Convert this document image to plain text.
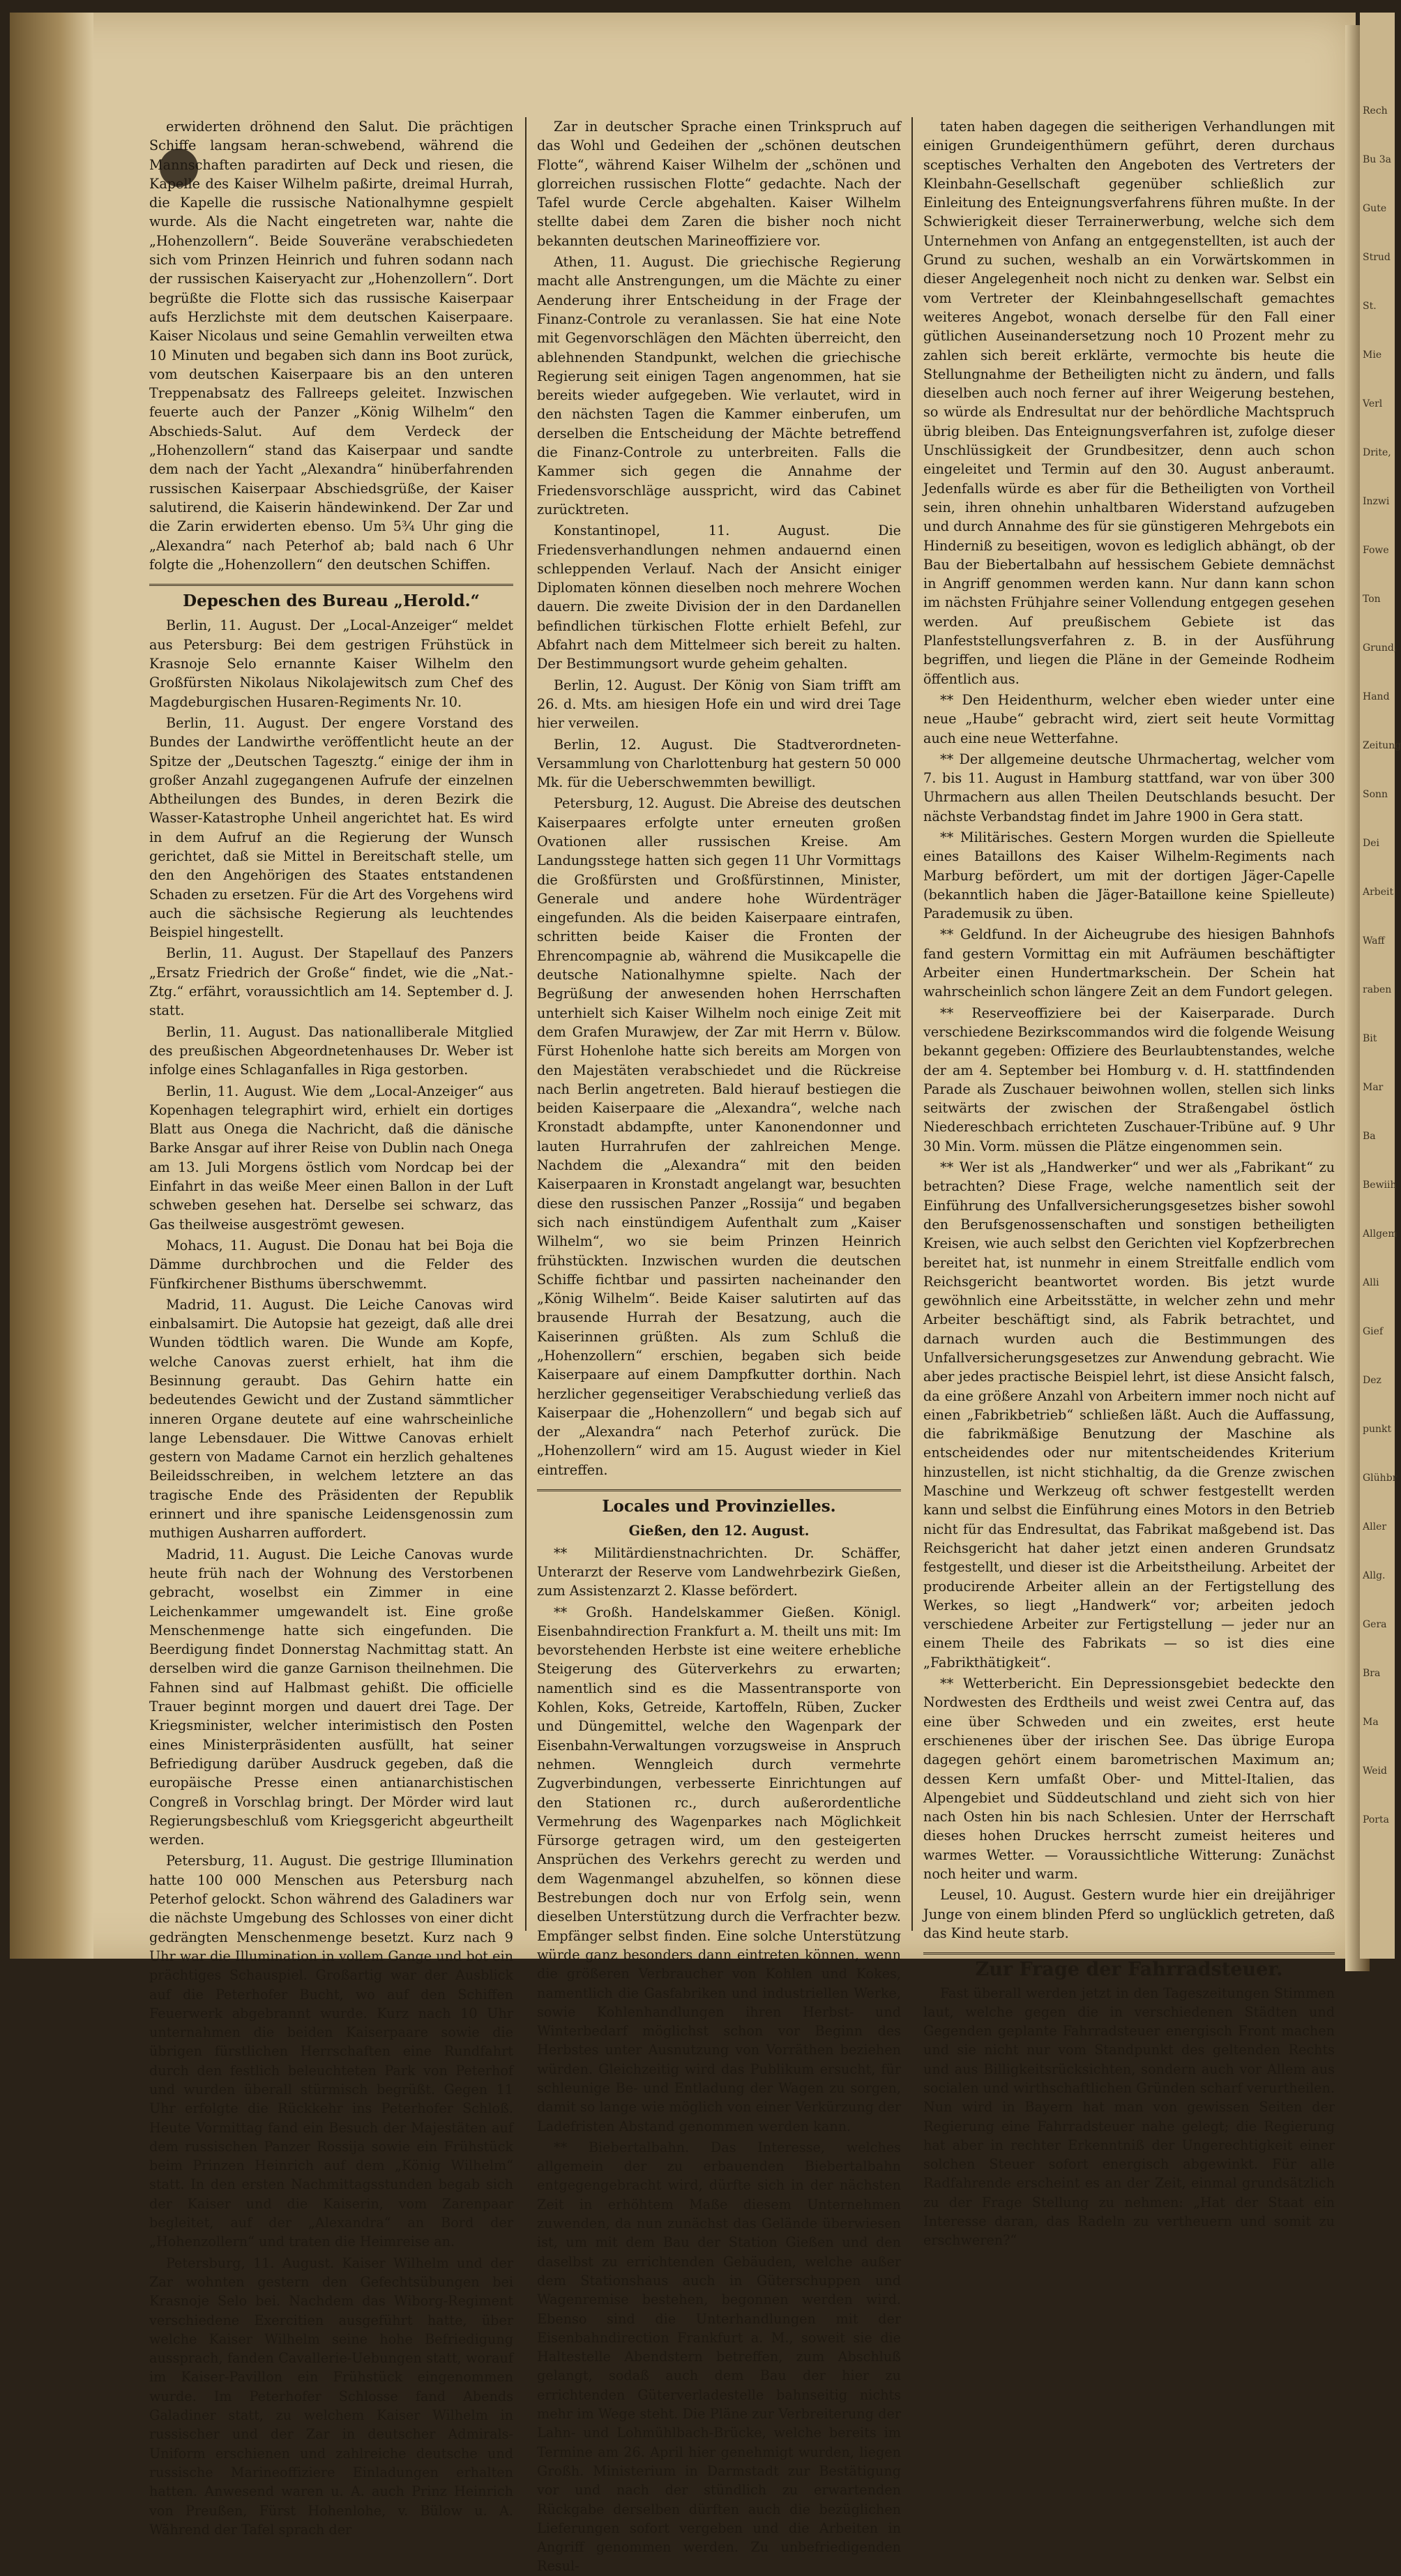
erwiderten dröhnend den Salut. Die prächtigen Schiffe langsam heran-schwebend, während die Mannschaften paradirten auf Deck und riesen, die Kapelle des Kaiser Wilhelm paßirte, dreimal Hurrah, die Kapelle die russische Nationalhymne gespielt wurde. Als die Nacht eingetreten war, nahte die „Hohenzollern“. Beide Souveräne verabschiedeten sich vom Prinzen Heinrich und fuhren sodann nach der russischen Kaiseryacht zur „Hohenzollern“. Dort begrüßte die Flotte sich das russische Kaiserpaar aufs Herzlichste mit dem deutschen Kaiserpaare. Kaiser Nicolaus und seine Gemahlin verweilten etwa 10 Minuten und begaben sich dann ins Boot zurück, vom deutschen Kaiserpaare bis an den unteren Treppenabsatz des Fallreeps geleitet. Inzwischen feuerte auch der Panzer „König Wilhelm“ den Abschieds-Salut. Auf dem Verdeck der „Hohenzollern“ stand das Kaiserpaar und sandte dem nach der Yacht „Alexandra“ hinüberfahrenden russischen Kaiserpaar Abschiedsgrüße, der Kaiser salutirend, die Kaiserin händewinkend. Der Zar und die Zarin erwiderten ebenso. Um 5¾ Uhr ging die „Alexandra“ nach Peterhof ab; bald nach 6 Uhr folgte die „Hohenzollern“ den deutschen Schiffen.

Depeschen des Bureau „Herold.“

Berlin, 11. August. Der „Local-Anzeiger“ meldet aus Petersburg: Bei dem gestrigen Frühstück in Krasnoje Selo ernannte Kaiser Wilhelm den Großfürsten Nikolaus Nikolajewitsch zum Chef des Magdeburgischen Husaren-Regiments Nr. 10.

Berlin, 11. August. Der engere Vorstand des Bundes der Landwirthe veröffentlicht heute an der Spitze der „Deutschen Tagesztg.“ einige der ihm in großer Anzahl zugegangenen Aufrufe der einzelnen Abtheilungen des Bundes, in deren Bezirk die Wasser-Katastrophe Unheil angerichtet hat. Es wird in dem Aufruf an die Regierung der Wunsch gerichtet, daß sie Mittel in Bereitschaft stelle, um den den Angehörigen des Staates entstandenen Schaden zu ersetzen. Für die Art des Vorgehens wird auch die sächsische Regierung als leuchtendes Beispiel hingestellt.

Berlin, 11. August. Der Stapellauf des Panzers „Ersatz Friedrich der Große“ findet, wie die „Nat.-Ztg.“ erfährt, voraussichtlich am 14. September d. J. statt.

Berlin, 11. August. Das nationalliberale Mitglied des preußischen Abgeordnetenhauses Dr. Weber ist infolge eines Schlaganfalles in Riga gestorben.

Berlin, 11. August. Wie dem „Local-Anzeiger“ aus Kopenhagen telegraphirt wird, erhielt ein dortiges Blatt aus Onega die Nachricht, daß die dänische Barke Ansgar auf ihrer Reise von Dublin nach Onega am 13. Juli Morgens östlich vom Nordcap bei der Einfahrt in das weiße Meer einen Ballon in der Luft schweben gesehen hat. Derselbe sei schwarz, das Gas theilweise ausgeströmt gewesen.

Mohacs, 11. August. Die Donau hat bei Boja die Dämme durchbrochen und die Felder des Fünfkirchener Bisthums überschwemmt.

Madrid, 11. August. Die Leiche Canovas wird einbalsamirt. Die Autopsie hat gezeigt, daß alle drei Wunden tödtlich waren. Die Wunde am Kopfe, welche Canovas zuerst erhielt, hat ihm die Besinnung geraubt. Das Gehirn hatte ein bedeutendes Gewicht und der Zustand sämmtlicher inneren Organe deutete auf eine wahrscheinliche lange Lebensdauer. Die Wittwe Canovas erhielt gestern von Madame Carnot ein herzlich gehaltenes Beileidsschreiben, in welchem letztere an das tragische Ende des Präsidenten der Republik erinnert und ihre spanische Leidensgenossin zum muthigen Ausharren auffordert.

Madrid, 11. August. Die Leiche Canovas wurde heute früh nach der Wohnung des Verstorbenen gebracht, woselbst ein Zimmer in eine Leichenkammer umgewandelt ist. Eine große Menschenmenge hatte sich eingefunden. Die Beerdigung findet Donnerstag Nachmittag statt. An derselben wird die ganze Garnison theilnehmen. Die Fahnen sind auf Halbmast gehißt. Die officielle Trauer beginnt morgen und dauert drei Tage. Der Kriegsminister, welcher interimistisch den Posten eines Ministerpräsidenten ausfüllt, hat seiner Befriedigung darüber Ausdruck gegeben, daß die europäische Presse einen antianarchistischen Congreß in Vorschlag bringt. Der Mörder wird laut Regierungsbeschluß vom Kriegsgericht abgeurtheilt werden.

Petersburg, 11. August. Die gestrige Illumination hatte 100 000 Menschen aus Petersburg nach Peterhof gelockt. Schon während des Galadiners war die nächste Umgebung des Schlosses von einer dicht gedrängten Menschenmenge besetzt. Kurz nach 9 Uhr war die Illumination in vollem Gange und bot ein prächtiges Schauspiel. Großartig war der Ausblick auf die Peterhofer Bucht, wo auf den Schiffen Feuerwerk abgebrannt wurde. Kurz nach 10 Uhr unternahmen die beiden Kaiserpaare sowie die übrigen fürstlichen Herrschaften eine Rundfahrt durch den festlich beleuchteten Park von Peterhof und wurden überall stürmisch begrüßt. Gegen 11 Uhr erfolgte die Rückkehr ins Peterhofer Schloß. Heute Vormittag fand ein Besuch der Majestäten auf dem russischen Panzer Rossija sowie ein Frühstück beim Prinzen Heinrich auf dem „König Wilhelm“ statt. In den ersten Nachmittagsstunden begab sich der Kaiser und die Kaiserin, vom Zarenpaar begleitet, auf der „Alexandra“ an Bord der „Hohenzollern“ und traten die Heimreise an.

Petersburg, 11. August. Kaiser Wilhelm und der Zar wohnten gestern den Gefechtsübungen bei Krasnoje Selo bei. Nachdem das Wiborg-Regiment verschiedene Exercitien ausgeführt hatte, über welche Kaiser Wilhelm seine hohe Befriedigung aussprach, fanden Cavallerie-Uebungen statt, worauf im Kaiser-Pavillon ein Frühstück eingenommen wurde. Im Peterhofer Schlosse fand Abends Galadiner statt, zu welchem Kaiser Wilhelm in russischer und der Zar in deutscher Admirals-Uniform erschienen und zahlreiche deutsche und russische Marineoffiziere Einladungen erhalten hatten. Anwesend waren u. A. auch Prinz Heinrich von Preußen, Fürst Hohenlohe, v. Bülow u. A. Während der Tafel sprach der

Zar in deutscher Sprache einen Trinkspruch auf das Wohl und Gedeihen der „schönen deutschen Flotte“, während Kaiser Wilhelm der „schönen und glorreichen russischen Flotte“ gedachte. Nach der Tafel wurde Cercle abgehalten. Kaiser Wilhelm stellte dabei dem Zaren die bisher noch nicht bekannten deutschen Marineoffiziere vor.

Athen, 11. August. Die griechische Regierung macht alle Anstrengungen, um die Mächte zu einer Aenderung ihrer Entscheidung in der Frage der Finanz-Controle zu veranlassen. Sie hat eine Note mit Gegenvorschlägen den Mächten überreicht, den ablehnenden Standpunkt, welchen die griechische Regierung seit einigen Tagen angenommen, hat sie bereits wieder aufgegeben. Wie verlautet, wird in den nächsten Tagen die Kammer einberufen, um derselben die Entscheidung der Mächte betreffend die Finanz-Controle zu unterbreiten. Falls die Kammer sich gegen die Annahme der Friedensvorschläge ausspricht, wird das Cabinet zurücktreten.

Konstantinopel, 11. August. Die Friedensverhandlungen nehmen andauernd einen schleppenden Verlauf. Nach der Ansicht einiger Diplomaten können dieselben noch mehrere Wochen dauern. Die zweite Division der in den Dardanellen befindlichen türkischen Flotte erhielt Befehl, zur Abfahrt nach dem Mittelmeer sich bereit zu halten. Der Bestimmungsort wurde geheim gehalten.

Berlin, 12. August. Der König von Siam trifft am 26. d. Mts. am hiesigen Hofe ein und wird drei Tage hier verweilen.

Berlin, 12. August. Die Stadtverordneten-Versammlung von Charlottenburg hat gestern 50 000 Mk. für die Ueberschwemmten bewilligt.

Petersburg, 12. August. Die Abreise des deutschen Kaiserpaares erfolgte unter erneuten großen Ovationen aller russischen Kreise. Am Landungsstege hatten sich gegen 11 Uhr Vormittags die Großfürsten und Großfürstinnen, Minister, Generale und andere hohe Würdenträger eingefunden. Als die beiden Kaiserpaare eintrafen, schritten beide Kaiser die Fronten der Ehrencompagnie ab, während die Musikcapelle die deutsche Nationalhymne spielte. Nach der Begrüßung der anwesenden hohen Herrschaften unterhielt sich Kaiser Wilhelm noch einige Zeit mit dem Grafen Murawjew, der Zar mit Herrn v. Bülow. Fürst Hohenlohe hatte sich bereits am Morgen von den Majestäten verabschiedet und die Rückreise nach Berlin angetreten. Bald hierauf bestiegen die beiden Kaiserpaare die „Alexandra“, welche nach Kronstadt abdampfte, unter Kanonendonner und lauten Hurrahrufen der zahlreichen Menge. Nachdem die „Alexandra“ mit den beiden Kaiserpaaren in Kronstadt angelangt war, besuchten diese den russischen Panzer „Rossija“ und begaben sich nach einstündigem Aufenthalt zum „Kaiser Wilhelm“, wo sie beim Prinzen Heinrich frühstückten. Inzwischen wurden die deutschen Schiffe fichtbar und passirten nacheinander den „König Wilhelm“. Beide Kaiser salutirten auf das brausende Hurrah der Besatzung, auch die Kaiserinnen grüßten. Als zum Schluß die „Hohenzollern“ erschien, begaben sich beide Kaiserpaare auf einem Dampfkutter dorthin. Nach herzlicher gegenseitiger Verabschiedung verließ das Kaiserpaar die „Hohenzollern“ und begab sich auf der „Alexandra“ nach Peterhof zurück. Die „Hohenzollern“ wird am 15. August wieder in Kiel eintreffen.

Locales und Provinzielles.
Gießen, den 12. August.

** Militärdienstnachrichten. Dr. Schäffer, Unterarzt der Reserve vom Landwehrbezirk Gießen, zum Assistenzarzt 2. Klasse befördert.

** Großh. Handelskammer Gießen. Königl. Eisenbahndirection Frankfurt a. M. theilt uns mit: Im bevorstehenden Herbste ist eine weitere erhebliche Steigerung des Güterverkehrs zu erwarten; namentlich sind es die Massentransporte von Kohlen, Koks, Getreide, Kartoffeln, Rüben, Zucker und Düngemittel, welche den Wagenpark der Eisenbahn-Verwaltungen vorzugsweise in Anspruch nehmen. Wenngleich durch vermehrte Zugverbindungen, verbesserte Einrichtungen auf den Stationen rc., durch außerordentliche Vermehrung des Wagenparkes nach Möglichkeit Fürsorge getragen wird, um den gesteigerten Ansprüchen des Verkehrs gerecht zu werden und dem Wagenmangel abzuhelfen, so können diese Bestrebungen doch nur von Erfolg sein, wenn dieselben Unterstützung durch die Verfrachter bezw. Empfänger selbst finden. Eine solche Unterstützung würde ganz besonders dann eintreten können, wenn die größeren Verbraucher von Kohlen und Kokes, namentlich die Gasfabriken und industriellen Werke, sowie Kohlenhandlungen ihren Herbst- und Winterbedarf möglichst schon vor Beginn des Herbstes unter Ausnutzung von Vorräthen beziehen würden. Gleichzeitig wird das Publikum ersucht, für schleunige Be- und Entladung der Wagen zu sorgen, damit so lange wie möglich von einer Verkürzung der Ladefristen Abstand genommen werden kann.

** Biebertalbahn. Das Interesse, welches allgemein der zu erbauenden Biebertalbahn entgegengebracht wird, dürfte sich in der nächsten Zeit in erhöhtem Maße diesem Unternehmen zuwenden, da nun zunächst das Gelände überwiesen ist, um mit dem Bau der Station Gießen und den daselbst zu errichtenden Gebäuden, welche außer dem Stationshaus auch in Güterschuppen und Wagenremise bestehen, begonnen werden wird. Ebenso sind die Unterhandlungen mit der Eisenbahndirection Frankfurt a. M., soweit sie die Haltestelle Abendstern betreffen, zum Abschluß gelangt, sodaß auch dem Bau der hier zu errichtenden Güterverladestelle bahnseitig nichts mehr im Wege steht. Die Pläne zur Verbreiterung der Lahn- und Lohmühlbach-Brücke, welche bereits im Termine am 26. April hier genehmigt wurden, liegen Großh. Ministerium in Darmstadt zur Bestätigung vor und nach der stündlich zu erwartenden Rückgabe derselben dürften auch die bezüglichen Lieferungen sofort vergeben und die Arbeiten in Angriff genommen werden. Zu unbefriedigenden Resul-

taten haben dagegen die seitherigen Verhandlungen mit einigen Grundeigenthümern geführt, deren durchaus sceptisches Verhalten den Angeboten des Vertreters der Kleinbahn-Gesellschaft gegenüber schließlich zur Einleitung des Enteignungsverfahrens führen mußte. In der Schwierigkeit dieser Terrainerwerbung, welche sich dem Unternehmen von Anfang an entgegenstellten, ist auch der Grund zu suchen, weshalb an ein Vorwärtskommen in dieser Angelegenheit noch nicht zu denken war. Selbst ein vom Vertreter der Kleinbahngesellschaft gemachtes weiteres Angebot, wonach derselbe für den Fall einer gütlichen Auseinandersetzung noch 10 Prozent mehr zu zahlen sich bereit erklärte, vermochte bis heute die Stellungnahme der Betheiligten nicht zu ändern, und falls dieselben auch noch ferner auf ihrer Weigerung bestehen, so würde als Endresultat nur der behördliche Machtspruch übrig bleiben. Das Enteignungsverfahren ist, zufolge dieser Unschlüssigkeit der Grundbesitzer, denn auch schon eingeleitet und Termin auf den 30. August anberaumt. Jedenfalls würde es aber für die Betheiligten von Vortheil sein, ihren ohnehin unhaltbaren Widerstand aufzugeben und durch Annahme des für sie günstigeren Mehrgebots ein Hinderniß zu beseitigen, wovon es lediglich abhängt, ob der Bau der Biebertalbahn auf hessischem Gebiete demnächst in Angriff genommen werden kann. Nur dann kann schon im nächsten Frühjahre seiner Vollendung entgegen gesehen werden. Auf preußischem Gebiete ist das Planfeststellungsverfahren z. B. in der Ausführung begriffen, und liegen die Pläne in der Gemeinde Rodheim öffentlich aus.

** Den Heidenthurm, welcher eben wieder unter eine neue „Haube“ gebracht wird, ziert seit heute Vormittag auch eine neue Wetterfahne.

** Der allgemeine deutsche Uhrmachertag, welcher vom 7. bis 11. August in Hamburg stattfand, war von über 300 Uhrmachern aus allen Theilen Deutschlands besucht. Der nächste Verbandstag findet im Jahre 1900 in Gera statt.

** Militärisches. Gestern Morgen wurden die Spielleute eines Bataillons des Kaiser Wilhelm-Regiments nach Marburg befördert, um mit der dortigen Jäger-Capelle (bekanntlich haben die Jäger-Bataillone keine Spielleute) Parademusik zu üben.

** Geldfund. In der Aicheugrube des hiesigen Bahnhofs fand gestern Vormittag ein mit Aufräumen beschäftigter Arbeiter einen Hundertmarkschein. Der Schein hat wahrscheinlich schon längere Zeit an dem Fundort gelegen.

** Reserveoffiziere bei der Kaiserparade. Durch verschiedene Bezirkscommandos wird die folgende Weisung bekannt gegeben: Offiziere des Beurlaubtenstandes, welche der am 4. September bei Homburg v. d. H. stattfindenden Parade als Zuschauer beiwohnen wollen, stellen sich links seitwärts der zwischen der Straßengabel östlich Niedereschbach errichteten Zuschauer-Tribüne auf. 9 Uhr 30 Min. Vorm. müssen die Plätze eingenommen sein.

** Wer ist als „Handwerker“ und wer als „Fabrikant“ zu betrachten? Diese Frage, welche namentlich seit der Einführung des Unfallversicherungsgesetzes bisher sowohl den Berufsgenossenschaften und sonstigen betheiligten Kreisen, wie auch selbst den Gerichten viel Kopfzerbrechen bereitet hat, ist nunmehr in einem Streitfalle endlich vom Reichsgericht beantwortet worden. Bis jetzt wurde gewöhnlich eine Arbeitsstätte, in welcher zehn und mehr Arbeiter beschäftigt sind, als Fabrik betrachtet, und darnach wurden auch die Bestimmungen des Unfallversicherungsgesetzes zur Anwendung gebracht. Wie aber jedes practische Beispiel lehrt, ist diese Ansicht falsch, da eine größere Anzahl von Arbeitern immer noch nicht auf einen „Fabrikbetrieb“ schließen läßt. Auch die Auffassung, die fabrikmäßige Benutzung der Maschine als entscheidendes oder nur mitentscheidendes Kriterium hinzustellen, ist nicht stichhaltig, da die Grenze zwischen Maschine und Werkzeug oft schwer festgestellt werden kann und selbst die Einführung eines Motors in den Betrieb nicht für das Endresultat, das Fabrikat maßgebend ist. Das Reichsgericht hat daher jetzt einen anderen Grundsatz festgestellt, und dieser ist die Arbeitstheilung. Arbeitet der producirende Arbeiter allein an der Fertigstellung des Werkes, so liegt „Handwerk“ vor; arbeiten jedoch verschiedene Arbeiter zur Fertigstellung — jeder nur an einem Theile des Fabrikats — so ist dies eine „Fabrikthätigkeit“.

** Wetterbericht. Ein Depressionsgebiet bedeckte den Nordwesten des Erdtheils und weist zwei Centra auf, das eine über Schweden und ein zweites, erst heute erschienenes über der irischen See. Das übrige Europa dagegen gehört einem barometrischen Maximum an; dessen Kern umfaßt Ober- und Mittel-Italien, das Alpengebiet und Süddeutschland und zieht sich von hier nach Osten hin bis nach Schlesien. Unter der Herrschaft dieses hohen Druckes herrscht zumeist heiteres und warmes Wetter. — Voraussichtliche Witterung: Zunächst noch heiter und warm.

Leusel, 10. August. Gestern wurde hier ein dreijähriger Junge von einem blinden Pferd so unglücklich getreten, daß das Kind heute starb.

Zur Frage der Fahrradsteuer.

Fast überall werden jetzt in den Tageszeitungen Stimmen laut, welche gegen die in verschiedenen Städten und Gegenden geplante Fahrradsteuer energisch Front machen und sie nicht nur vom Standpunkt des geltenden Rechts und aus Billigkeitsrücksichten, sondern auch vor Allem aus socialen und wirthschaftlichen Gründen scharf verurtheilen. Nun wird in Bayern hat man von gewissen Seiten der Regierung eine Fahrradsteuer nahe gelegt; die Regierung hat aber in rechter Erkenntniß der Ungerechtigkeit einer solchen Steuer sofort energisch abgewinkt. Für alle Radfahrende erscheint es an der Zeit, einmal grundsätzlich zu der Frage Stellung zu nehmen: „Hat der Staat ein Interesse daran, das Radeln zu vertheuern und somit zu erschweren?“

Rech
Bu 3a
Gute
Strud
St.
Mie
Verl
Drite,
Inzwi
Fowe
Ton
Grund,
Hand
Zeitung
Sonn
Dei
Arbeit
Waff
raben
Bit
Mar
Ba
Bewiih
Allgem
Alli
Gief
Dez
punkt
Glühbr
Aller
Allg.
Gera
Bra
Ma
Weid
Porta
